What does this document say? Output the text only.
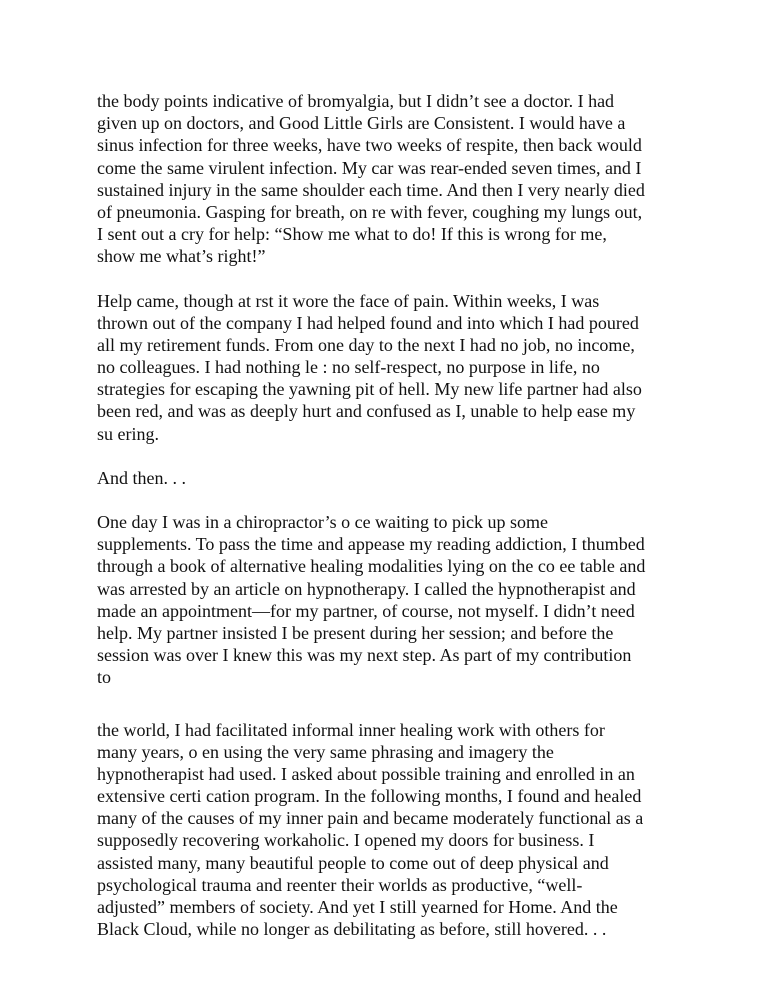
the body points indicative of bromyalgia, but I didn’t see a doctor. I had
given up on doctors, and Good Little Girls are Consistent. I would have a
sinus infection for three weeks, have two weeks of respite, then back would
come the same virulent infection. My car was rear-ended seven times, and I
sustained injury in the same shoulder each time. And then I very nearly died
of pneumonia. Gasping for breath, on re with fever, coughing my lungs out,
I sent out a cry for help: “Show me what to do! If this is wrong for me,
show me what’s right!”
Help came, though at rst it wore the face of pain. Within weeks, I was
thrown out of the company I had helped found and into which I had poured
all my retirement funds. From one day to the next I had no job, no income,
no colleagues. I had nothing le : no self-respect, no purpose in life, no
strategies for escaping the yawning pit of hell. My new life partner had also
been red, and was as deeply hurt and confused as I, unable to help ease my
su ering.
And then. . .
One day I was in a chiropractor’s o ce waiting to pick up some
supplements. To pass the time and appease my reading addiction, I thumbed
through a book of alternative healing modalities lying on the co ee table and
was arrested by an article on hypnotherapy. I called the hypnotherapist and
made an appointment—for my partner, of course, not myself. I didn’t need
help. My partner insisted I be present during her session; and before the
session was over I knew this was my next step. As part of my contribution
to
the world, I had facilitated informal inner healing work with others for
many years, o en using the very same phrasing and imagery the
hypnotherapist had used. I asked about possible training and enrolled in an
extensive certi cation program. In the following months, I found and healed
many of the causes of my inner pain and became moderately functional as a
supposedly recovering workaholic. I opened my doors for business. I
assisted many, many beautiful people to come out of deep physical and
psychological trauma and reenter their worlds as productive, “well-
adjusted” members of society. And yet I still yearned for Home. And the
Black Cloud, while no longer as debilitating as before, still hovered. . .
